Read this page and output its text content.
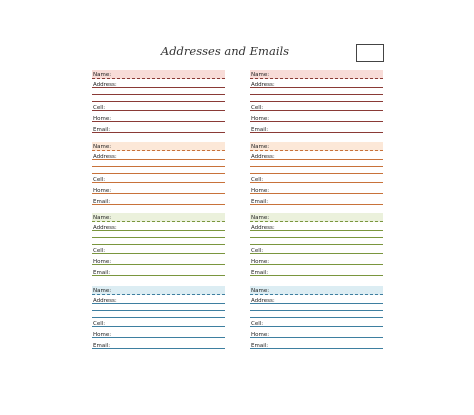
Addresses and Emails
Name:
Address:
Cell:
Home:
Email:
Name:
Address:
Cell:
Home:
Email:
Name:
Address:
Cell:
Home:
Email:
Name:
Address:
Cell:
Home:
Email:
Name:
Address:
Cell:
Home:
Email:
Name:
Address:
Cell:
Home:
Email:
Name:
Address:
Cell:
Home:
Email:
Name:
Address:
Cell:
Home:
Email:
